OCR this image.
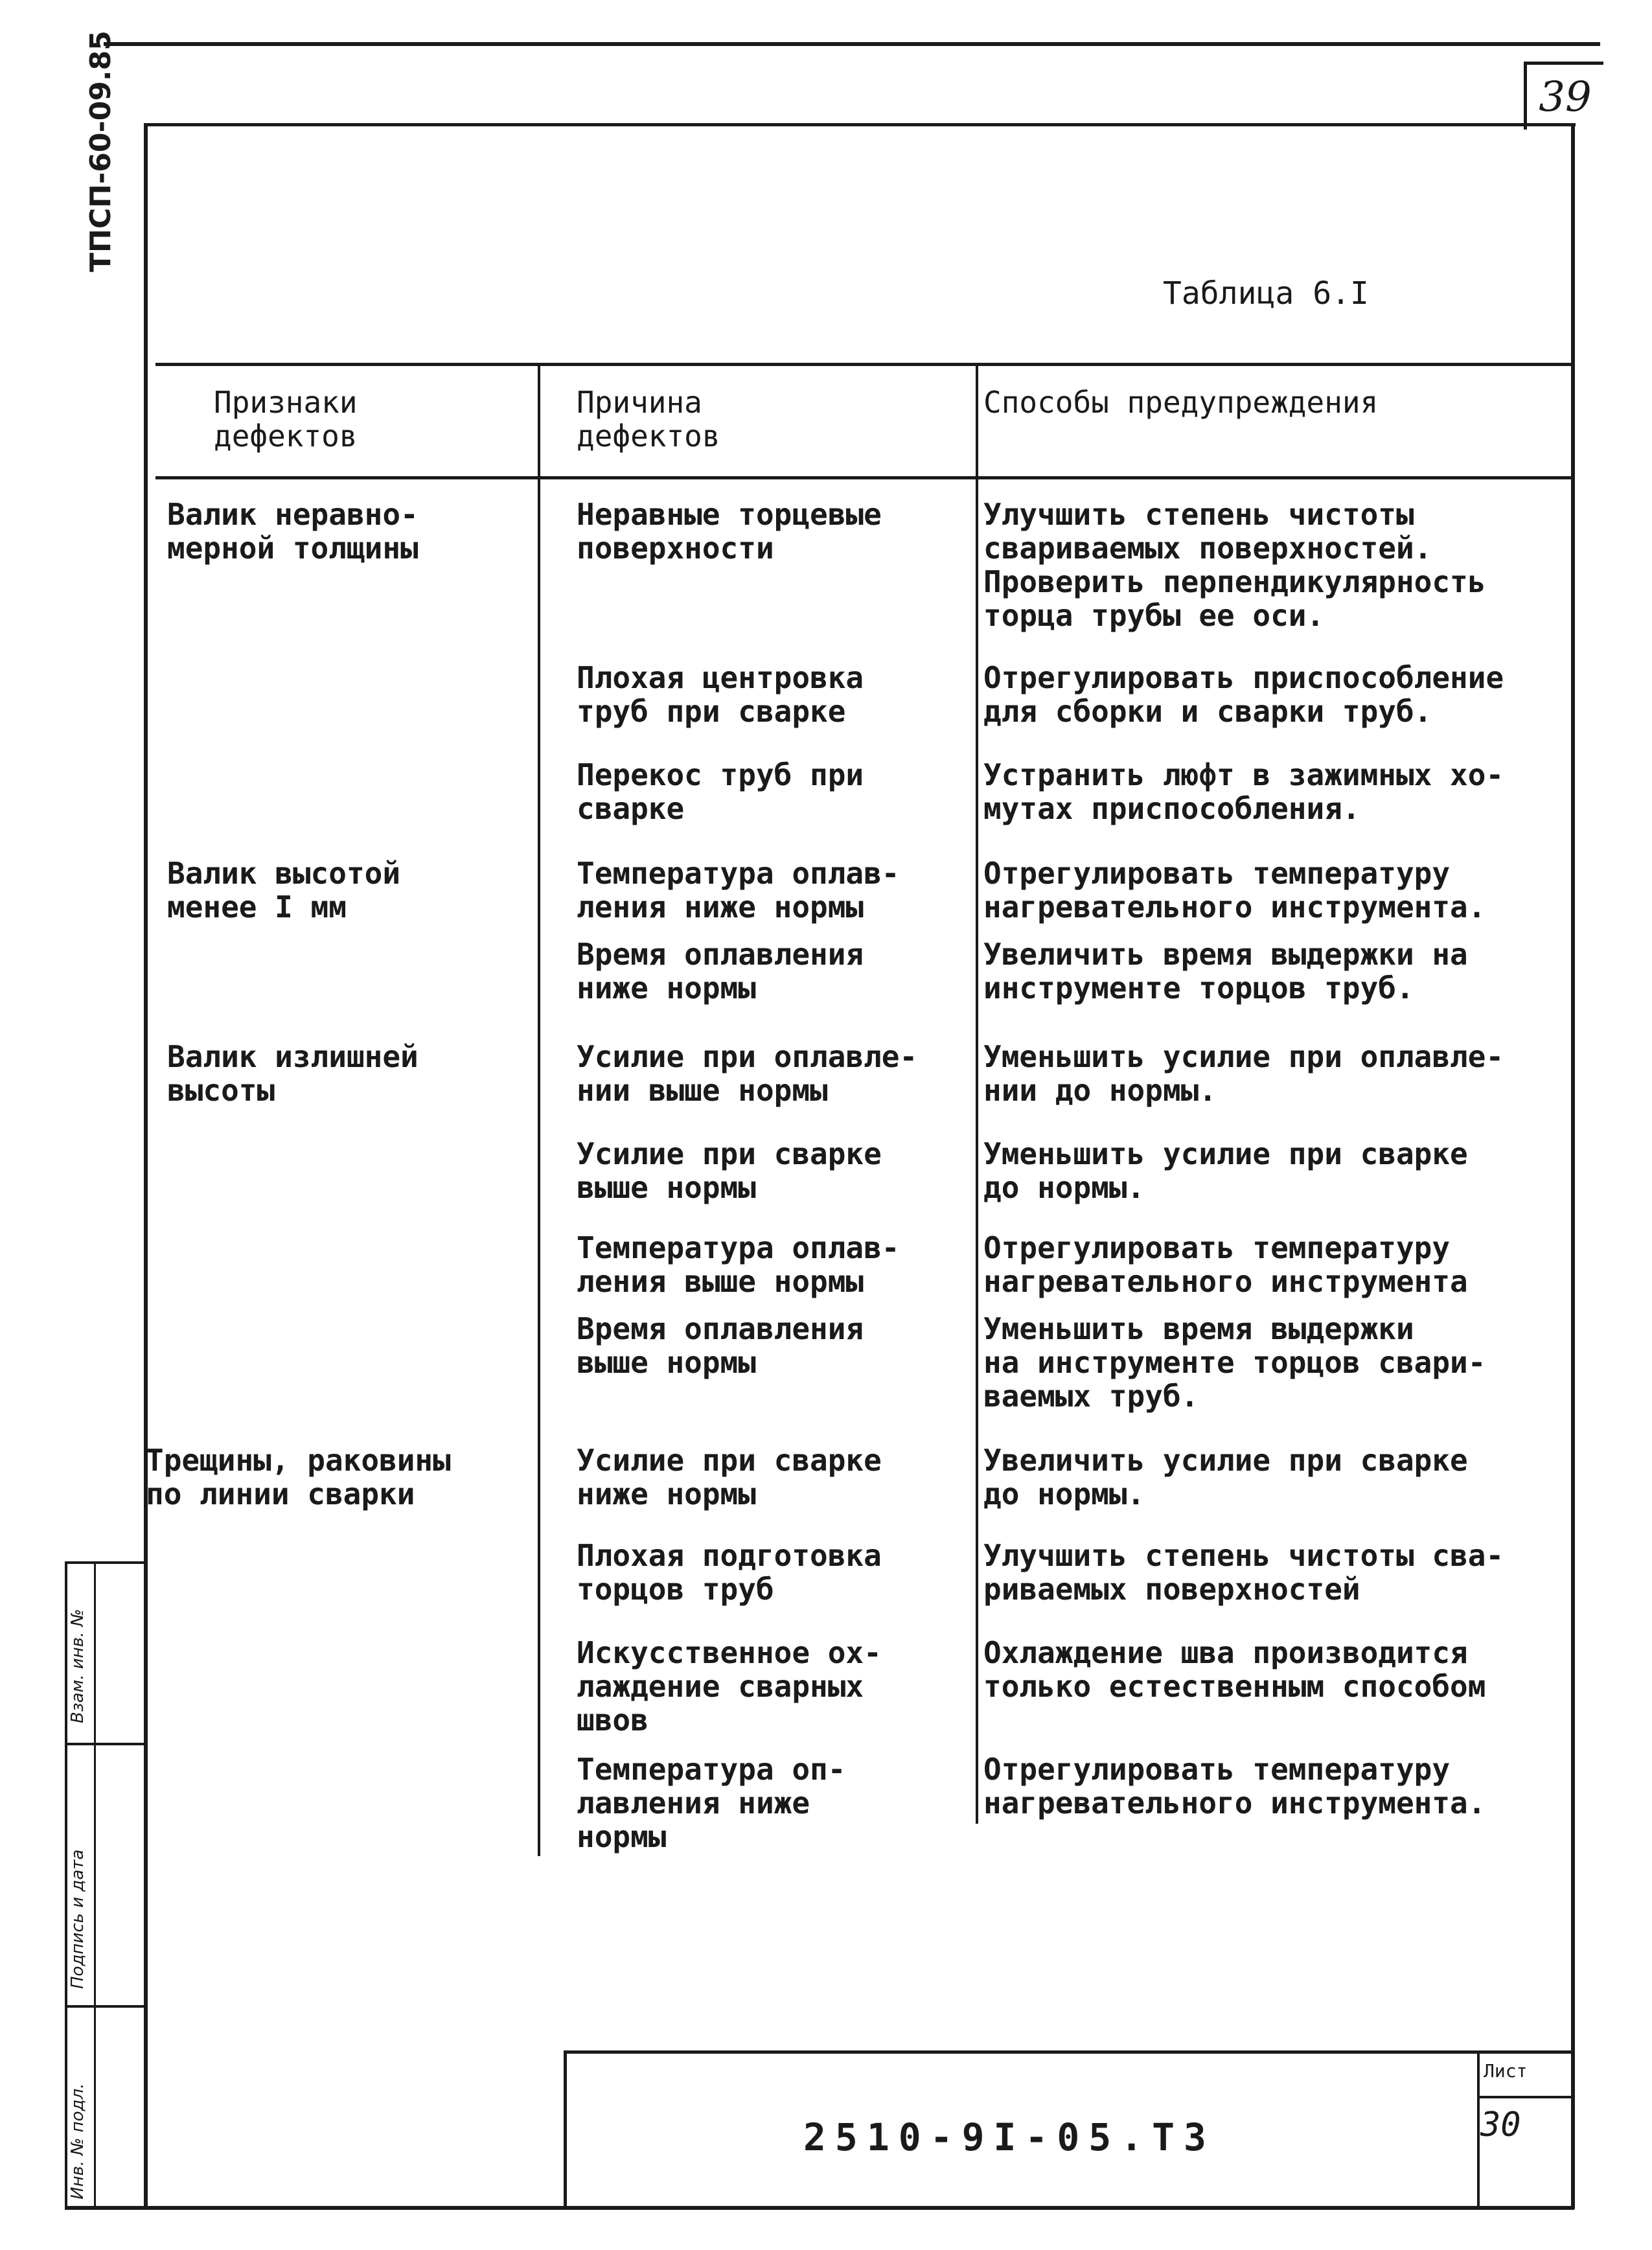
39
ТПСП-60-09.85
Таблица 6.I
Признаки
дефектов
Причина
дефектов
Способы предупреждения
Валик неравно-
мерной толщины
Валик высотой
менее I мм
Валик излишней
высоты
Трещины, раковины
по линии сварки
Неравные торцевые
поверхности
Плохая центровка
труб при сварке
Перекос труб при
сварке
Температура оплав-
ления ниже нормы
Время оплавления
ниже нормы
Усилие при оплавле-
нии выше нормы
Усилие при сварке
выше нормы
Температура оплав-
ления выше нормы
Время оплавления
выше нормы
Усилие при сварке
ниже нормы
Плохая подготовка
торцов труб
Искусственное ох-
лаждение сварных
швов
Температура оп-
лавления ниже
нормы
Улучшить степень чистоты
свариваемых поверхностей.
Проверить перпендикулярность
торца трубы ее оси.
Отрегулировать приспособление
для сборки и сварки труб.
Устранить люфт в зажимных хо-
мутах приспособления.
Отрегулировать температуру
нагревательного инструмента.
Увеличить время выдержки на
инструменте торцов труб.
Уменьшить усилие при оплавле-
нии до нормы.
Уменьшить усилие при сварке
до нормы.
Отрегулировать температуру
нагревательного инструмента
Уменьшить время выдержки
на инструменте торцов свари-
ваемых труб.
Увеличить усилие при сварке
до нормы.
Улучшить степень чистоты сва-
риваемых поверхностей
Охлаждение шва производится
только естественным способом
Отрегулировать температуру
нагревательного инструмента.
Взам. инв. №
Подпись и дата
Инв. № подл.	2510-9I-05.ТЗ
Лист
30
